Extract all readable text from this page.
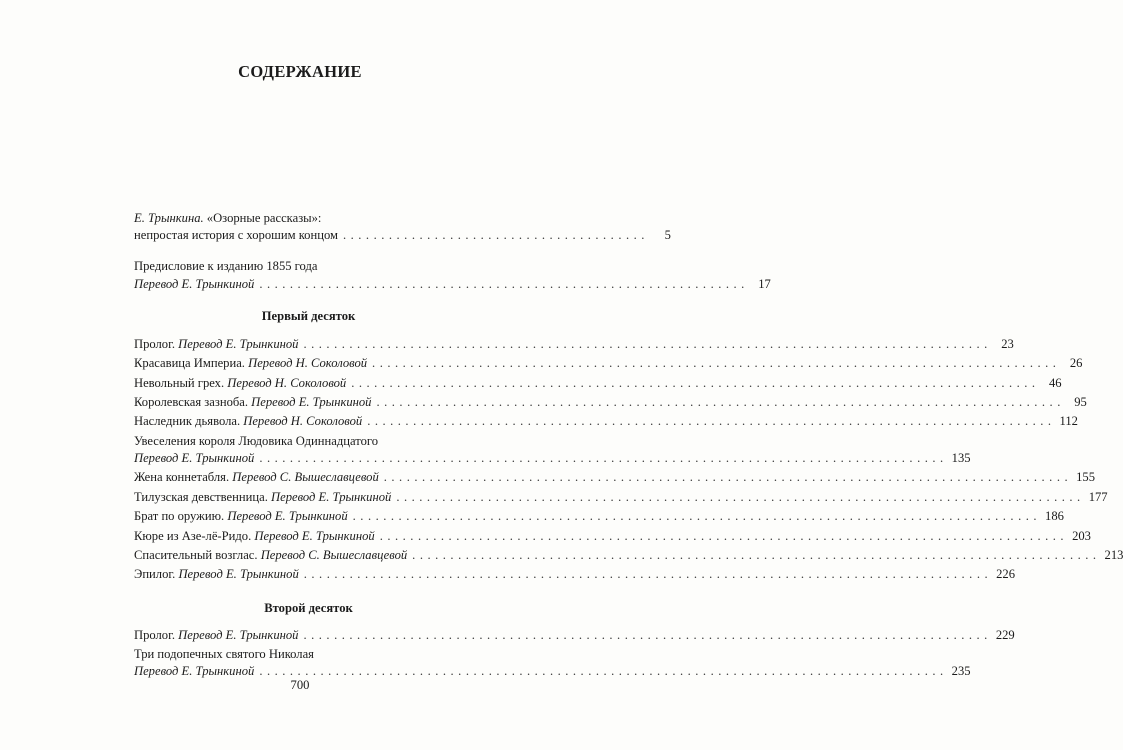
СОДЕРЖАНИЕ
Е. Трынкина. «Озорные рассказы»:
непростая история с хорошим концом ........................................	5
Предисловие к изданию 1855 года
Перевод Е. Трынкиной ................................................................ 17
Первый десяток
Пролог. Перевод Е. Трынкиной .......................................................................................... 23
Красавица Империа. Перевод Н. Соколовой .......................................................................................... 26
Невольный грех. Перевод Н. Соколовой .......................................................................................... 46
Королевская зазноба. Перевод Е. Трынкиной .......................................................................................... 95
Наследник дьявола. Перевод Н. Соколовой .......................................................................................... 112
Увеселения короля Людовика Одиннадцатого
Перевод Е. Трынкиной .......................................................................................... 135
Жена коннетабля. Перевод С. Вышеславцевой .......................................................................................... 155
Тилузская девственница. Перевод Е. Трынкиной .......................................................................................... 177
Брат по оружию. Перевод Е. Трынкиной .......................................................................................... 186
Кюре из Азе-лё-Ридо. Перевод Е. Трынкиной .......................................................................................... 203
Спасительный возглас. Перевод С. Вышеславцевой .......................................................................................... 213
Эпилог. Перевод Е. Трынкиной .......................................................................................... 226
Второй десяток
Пролог. Перевод Е. Трынкиной .......................................................................................... 229
Три подопечных святого Николая
Перевод Е. Трынкиной .......................................................................................... 235
700
